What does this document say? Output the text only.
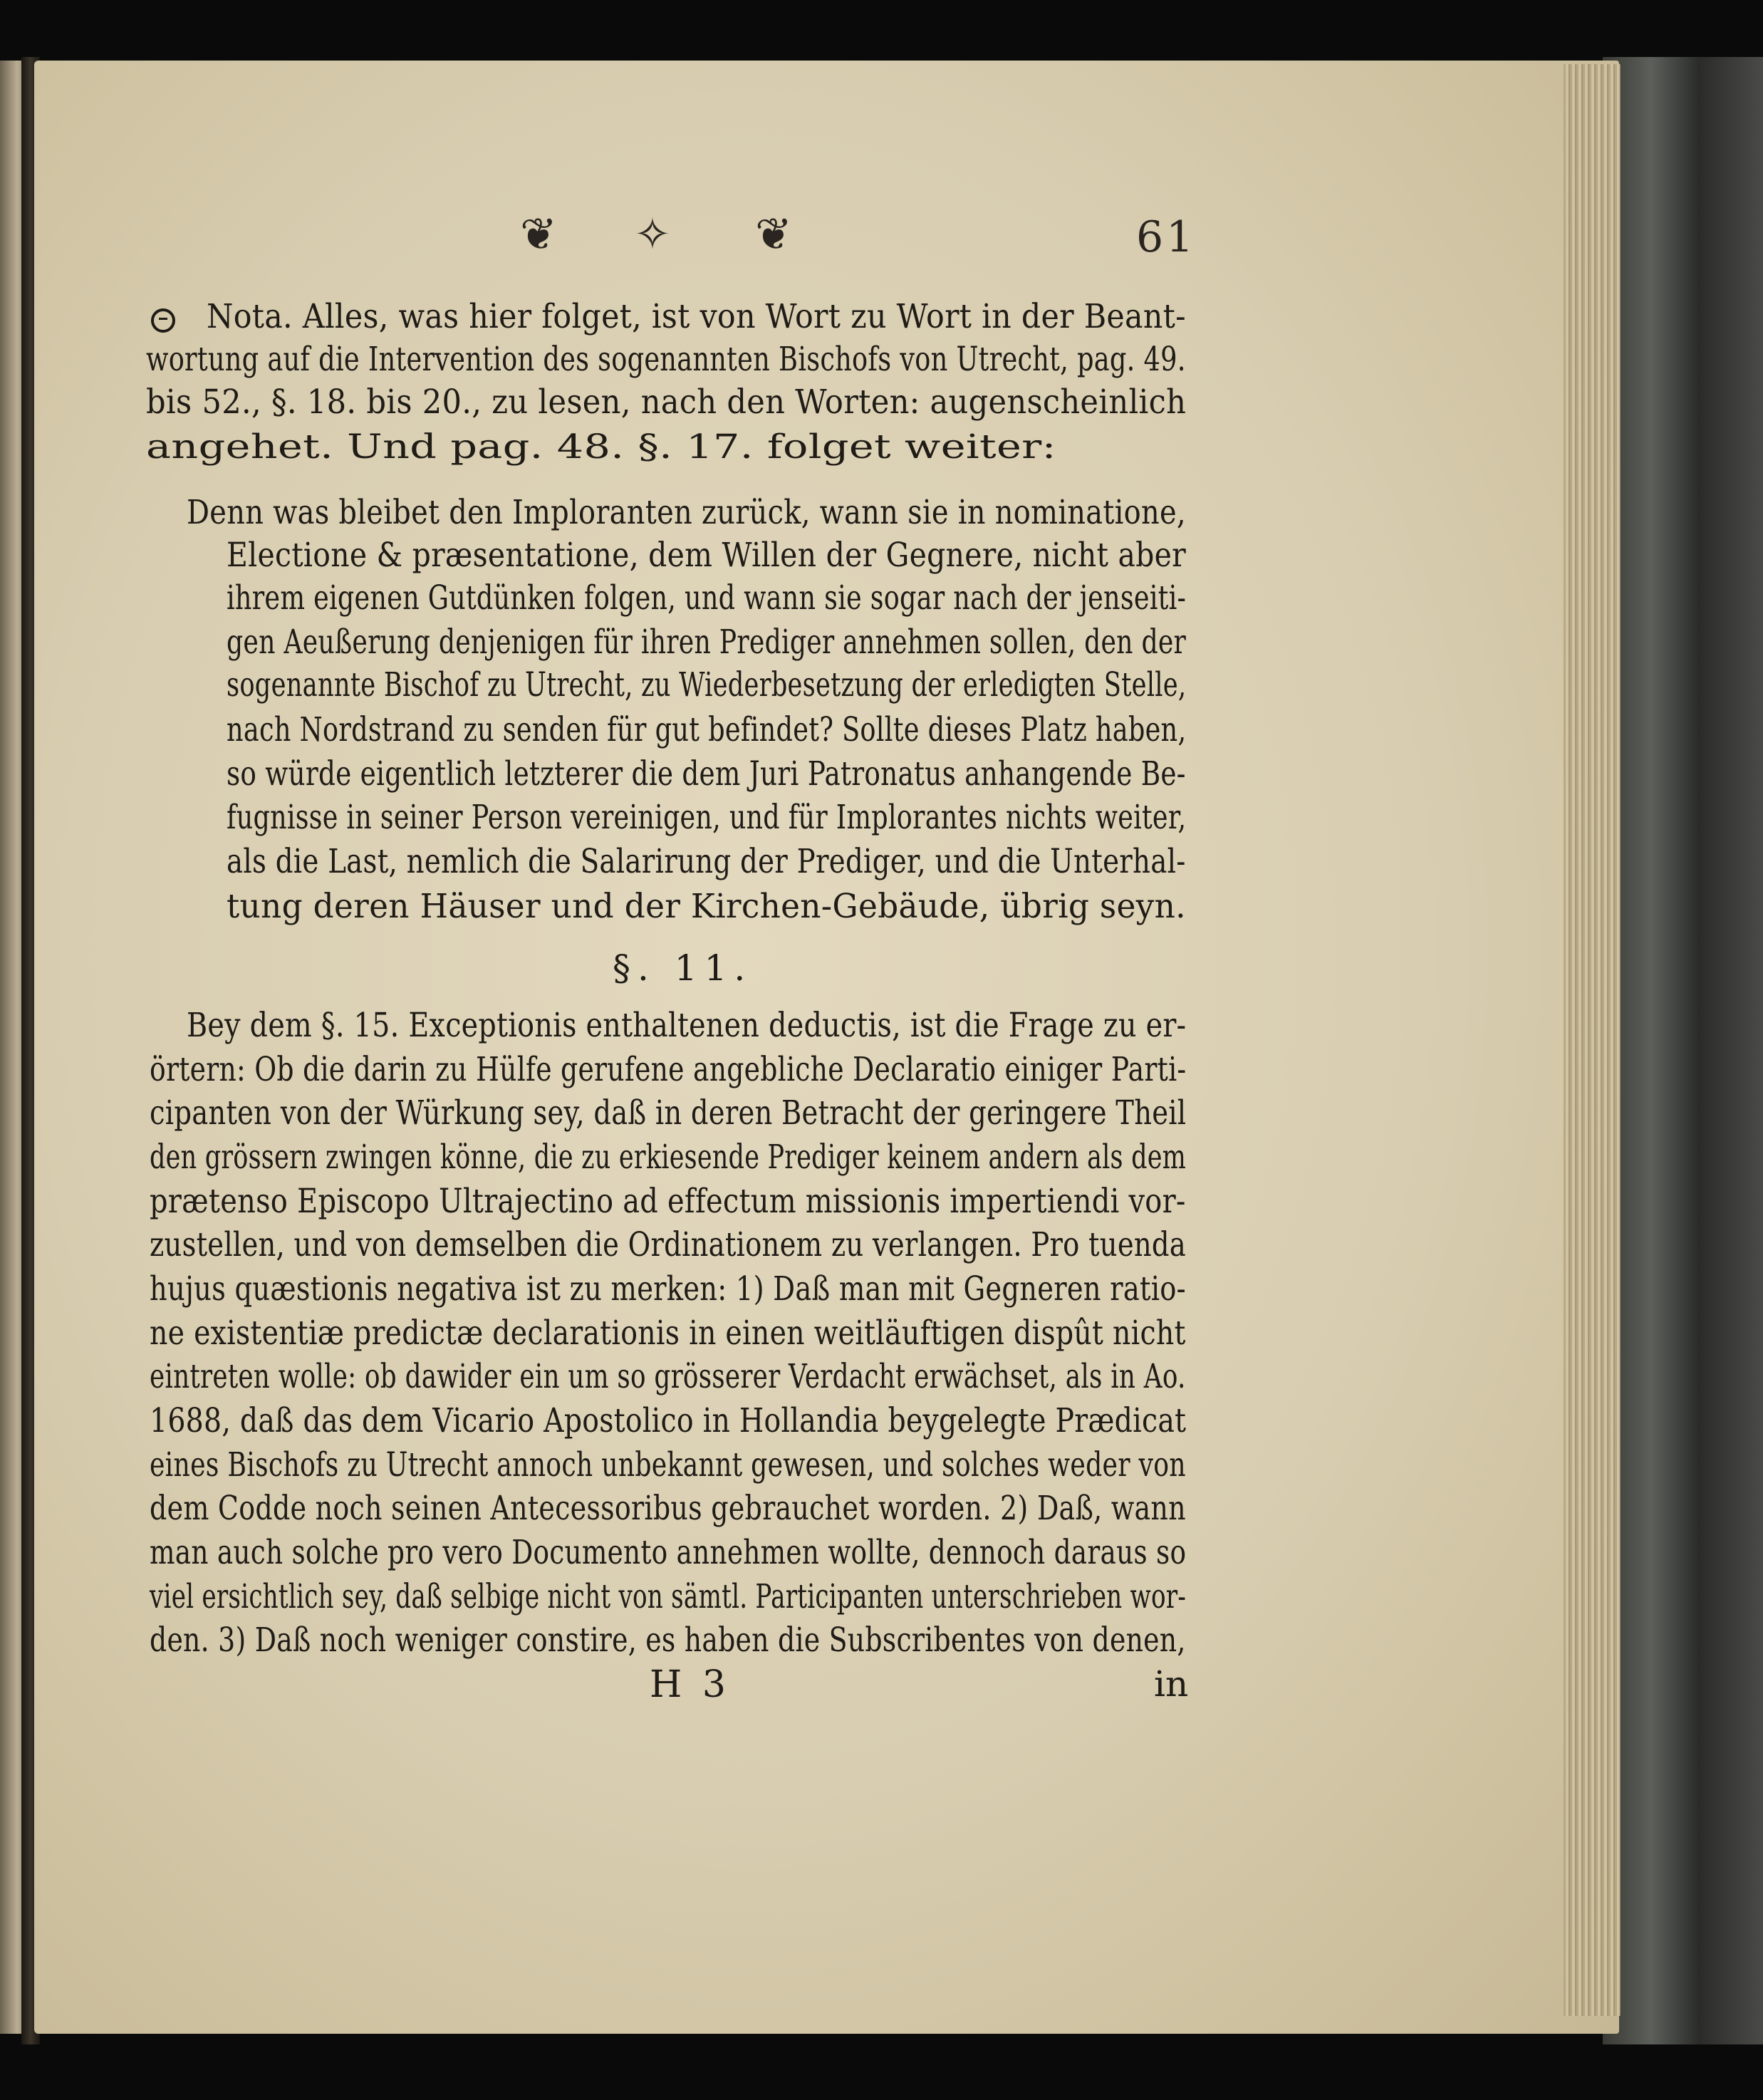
❦ ✧ ❦	61
Nota. Alles, was hier folget, ist von Wort zu Wort in der Beant-
wortung auf die Intervention des sogenannten Bischofs von Utrecht, pag. 49.
bis 52., §. 18. bis 20., zu lesen, nach den Worten: augenscheinlich
angehet. Und pag. 48. §. 17. folget weiter:
Denn was bleibet den Imploranten zurück, wann sie in nominatione,
Electione & præsentatione, dem Willen der Gegnere, nicht aber
ihrem eigenen Gutdünken folgen, und wann sie sogar nach der jenseiti-
gen Aeußerung denjenigen für ihren Prediger annehmen sollen, den der
sogenannte Bischof zu Utrecht, zu Wiederbesetzung der erledigten Stelle,
nach Nordstrand zu senden für gut befindet? Sollte dieses Platz haben,
so würde eigentlich letzterer die dem Juri Patronatus anhangende Be-
fugnisse in seiner Person vereinigen, und für Implorantes nichts weiter,
als die Last, nemlich die Salarirung der Prediger, und die Unterhal-
tung deren Häuser und der Kirchen-Gebäude, übrig seyn.
§. 11.
Bey dem §. 15. Exceptionis enthaltenen deductis, ist die Frage zu er-
örtern: Ob die darin zu Hülfe gerufene angebliche Declaratio einiger Parti-
cipanten von der Würkung sey, daß in deren Betracht der geringere Theil
den grössern zwingen könne, die zu erkiesende Prediger keinem andern als dem
prætenso Episcopo Ultrajectino ad effectum missionis impertiendi vor-
zustellen, und von demselben die Ordinationem zu verlangen. Pro tuenda
hujus quæstionis negativa ist zu merken: 1) Daß man mit Gegneren ratio-
ne existentiæ predictæ declarationis in einen weitläuftigen dispût nicht
eintreten wolle: ob dawider ein um so grösserer Verdacht erwächset, als in Ao.
1688, daß das dem Vicario Apostolico in Hollandia beygelegte Prædicat
eines Bischofs zu Utrecht annoch unbekannt gewesen, und solches weder von
dem Codde noch seinen Antecessoribus gebrauchet worden. 2) Daß, wann
man auch solche pro vero Documento annehmen wollte, dennoch daraus so
viel ersichtlich sey, daß selbige nicht von sämtl. Participanten unterschrieben wor-
den. 3) Daß noch weniger constire, es haben die Subscribentes von denen,
H 3	in
